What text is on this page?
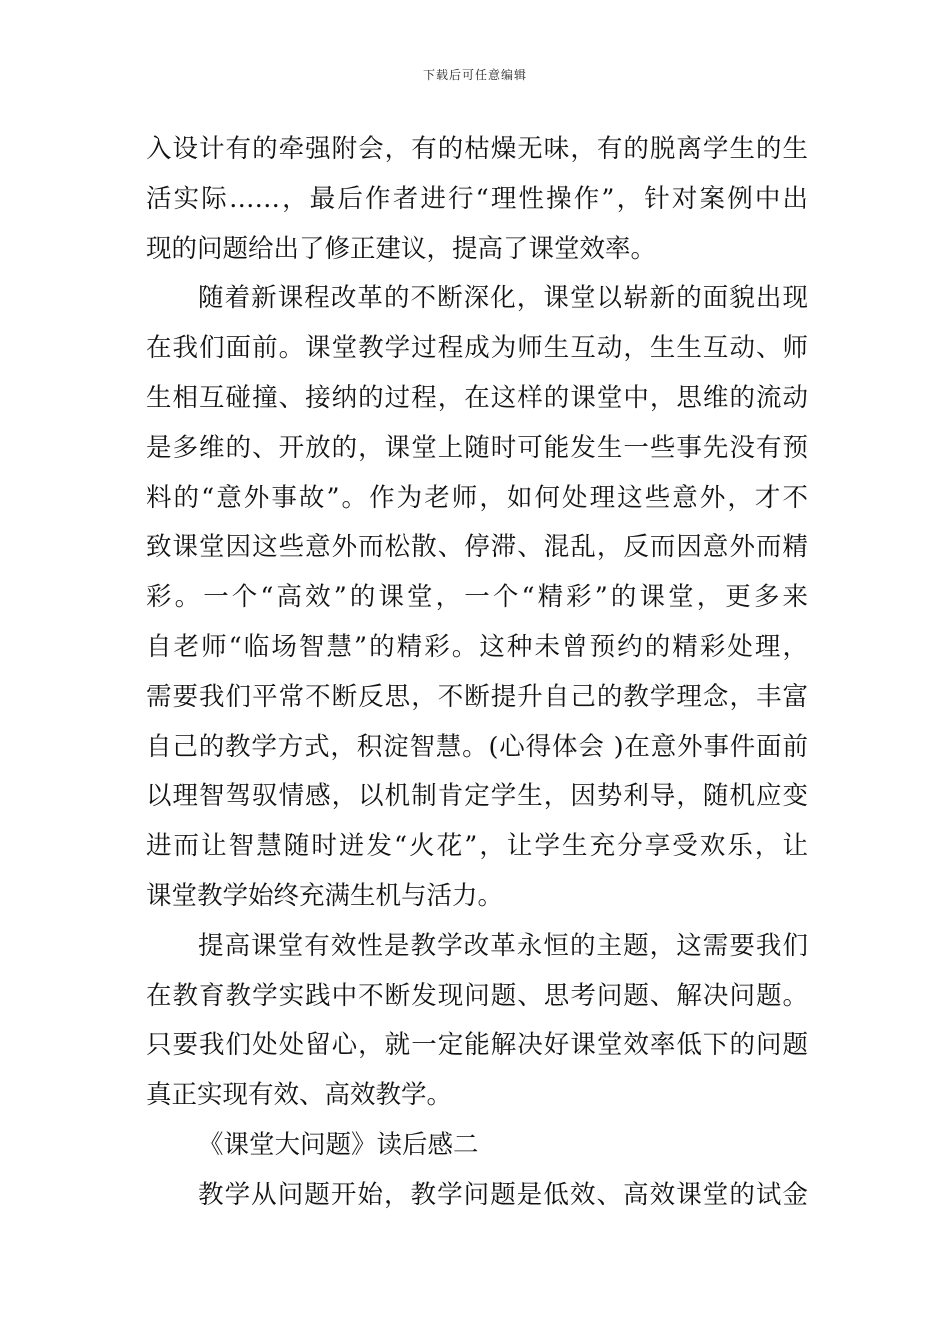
下载后可任意编辑
入设计有的牵强附会，有的枯燥无味，有的脱离学生的生
活实际……，最后作者进行“理性操作”，针对案例中出
现的问题给出了修正建议，提高了课堂效率。
随着新课程改革的不断深化，课堂以崭新的面貌出现
在我们面前。课堂教学过程成为师生互动，生生互动、师
生相互碰撞、接纳的过程，在这样的课堂中，思维的流动
是多维的、开放的，课堂上随时可能发生一些事先没有预
料的“意外事故”。作为老师，如何处理这些意外，才不
致课堂因这些意外而松散、停滞、混乱，反而因意外而精
彩。一个“高效”的课堂，一个“精彩”的课堂，更多来
自老师“临场智慧”的精彩。这种未曾预约的精彩处理，
需要我们平常不断反思，不断提升自己的教学理念，丰富
自己的教学方式，积淀智慧。(心得体会 )在意外事件面前
以理智驾驭情感，以机制肯定学生，因势利导，随机应变
进而让智慧随时迸发“火花”，让学生充分享受欢乐，让
课堂教学始终充满生机与活力。
提高课堂有效性是教学改革永恒的主题，这需要我们
在教育教学实践中不断发现问题、思考问题、解决问题。
只要我们处处留心，就一定能解决好课堂效率低下的问题
真正实现有效、高效教学。
《课堂大问题》读后感二
教学从问题开始，教学问题是低效、高效课堂的试金
